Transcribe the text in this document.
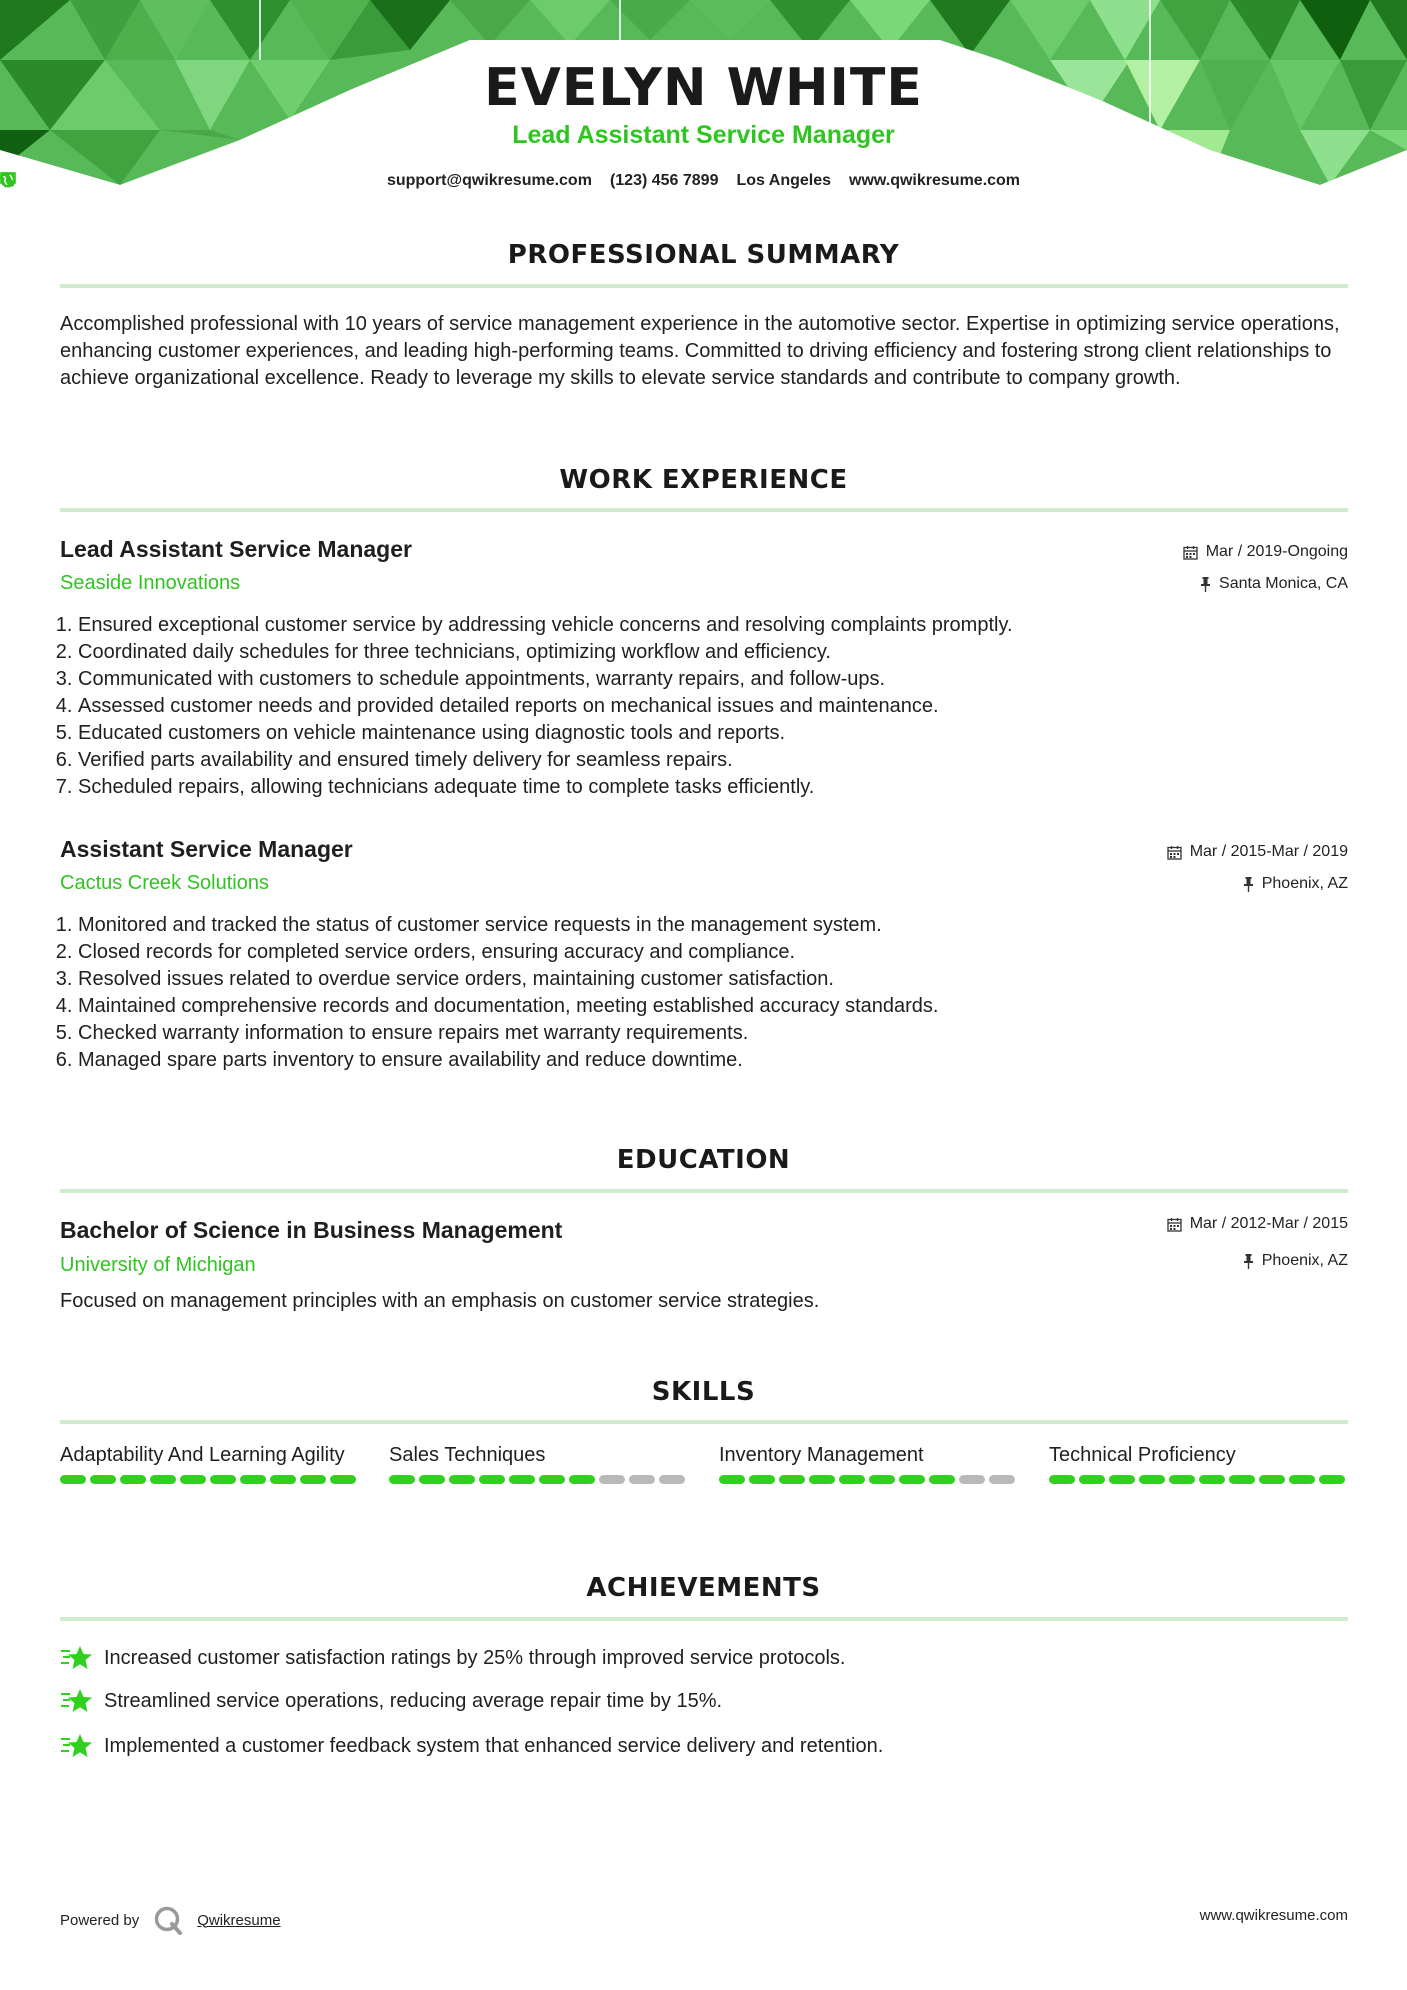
EVELYN WHITE
Lead Assistant Service Manager
support@qwikresume.com (123) 456 7899 Los Angeles www.qwikresume.com
PROFESSIONAL SUMMARY

Accomplished professional with 10 years of service management experience in the automotive sector. Expertise in optimizing service operations, enhancing customer experiences, and leading high-performing teams. Committed to driving efficiency and fostering strong client relationships to achieve organizational excellence. Ready to leverage my skills to elevate service standards and contribute to company growth.

WORK EXPERIENCE
Lead Assistant Service Manager
Seaside Innovations
Mar / 2019-Ongoing
Santa Monica, CA
1. Ensured exceptional customer service by addressing vehicle concerns and resolving complaints promptly.
2. Coordinated daily schedules for three technicians, optimizing workflow and efficiency.
3. Communicated with customers to schedule appointments, warranty repairs, and follow-ups.
4. Assessed customer needs and provided detailed reports on mechanical issues and maintenance.
5. Educated customers on vehicle maintenance using diagnostic tools and reports.
6. Verified parts availability and ensured timely delivery for seamless repairs.
7. Scheduled repairs, allowing technicians adequate time to complete tasks efficiently.
Assistant Service Manager
Cactus Creek Solutions
Mar / 2015-Mar / 2019
Phoenix, AZ
1. Monitored and tracked the status of customer service requests in the management system.
2. Closed records for completed service orders, ensuring accuracy and compliance.
3. Resolved issues related to overdue service orders, maintaining customer satisfaction.
4. Maintained comprehensive records and documentation, meeting established accuracy standards.
5. Checked warranty information to ensure repairs met warranty requirements.
6. Managed spare parts inventory to ensure availability and reduce downtime.
EDUCATION
Bachelor of Science in Business Management
University of Michigan
Mar / 2012-Mar / 2015
Phoenix, AZ

Focused on management principles with an emphasis on customer service strategies.

SKILLS
Adaptability And Learning Agility	Sales Techniques	Inventory Management	Technical Proficiency
ACHIEVEMENTS
Increased customer satisfaction ratings by 25% through improved service protocols.
Streamlined service operations, reducing average repair time by 15%.
Implemented a customer feedback system that enhanced service delivery and retention.
Powered by	Qwikresume	www.qwikresume.com
